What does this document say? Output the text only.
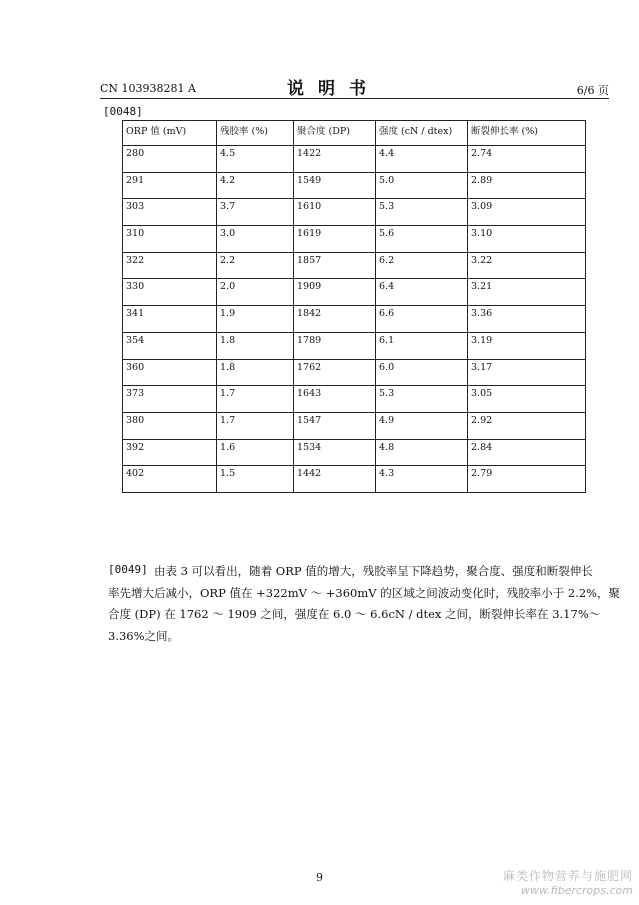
CN 103938281 A	说明书	6/6 页
[0048]
ORP 值 (mV)	残胶率 (%)	聚合度 (DP)	强度 (cN / dtex)	断裂伸长率 (%)
280	4.5	1422	4.4	2.74
291	4.2	1549	5.0	2.89
303	3.7	1610	5.3	3.09
310	3.0	1619	5.6	3.10
322	2.2	1857	6.2	3.22
330	2.0	1909	6.4	3.21
341	1.9	1842	6.6	3.36
354	1.8	1789	6.1	3.19
360	1.8	1762	6.0	3.17
373	1.7	1643	5.3	3.05
380	1.7	1547	4.9	2.92
392	1.6	1534	4.8	2.84
402	1.5	1442	4.3	2.79
由表 3 可以看出，随着 ORP 值的增大，残胶率呈下降趋势，聚合度、强度和断裂伸长
率先增大后减小，ORP 值在 +322mV ～ +360mV 的区域之间波动变化时，残胶率小于 2.2%，聚
合度 (DP) 在 1762 ～ 1909 之间，强度在 6.0 ～ 6.6cN / dtex 之间，断裂伸长率在 3.17%～
3.36%之间。
[0049]
9	麻类作物营养与施肥网
www.fibercrops.com
